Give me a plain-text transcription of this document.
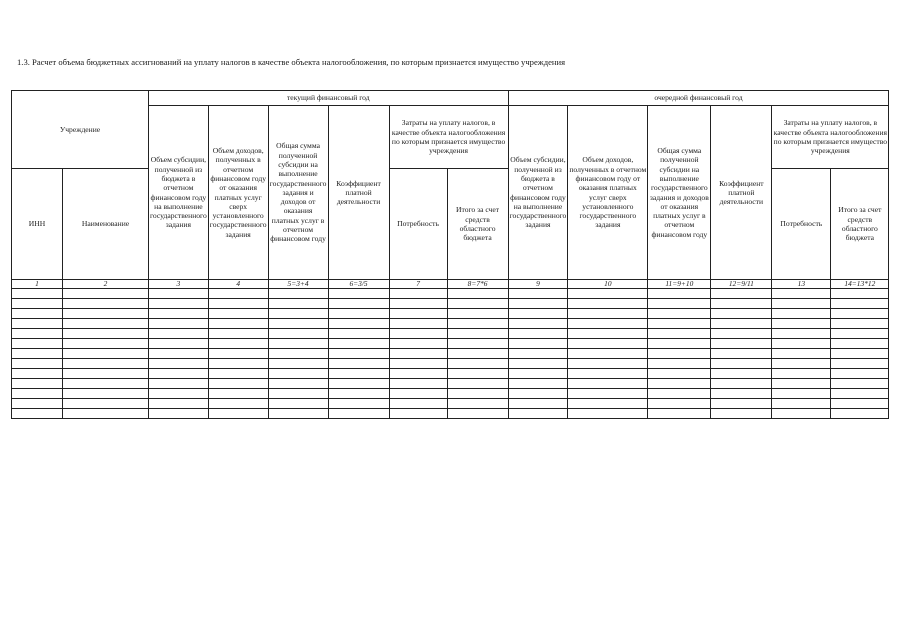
1.3. Расчет объема бюджетных ассигнований на уплату налогов в качестве объекта налогообложения, по которым признается имущество учреждения
Учреждение		текущий финансовый год						очередной финансовый год					
		Объем субсидии, полученной из бюджета в отчетном финансовом году на выполнение государственного задания	Объем доходов, полученных в отчетном финансовом году от оказания платных услуг сверх установленного государственного задания	Общая сумма полученной субсидии на выполнение государственного задания и доходов от оказания платных услуг в отчетном финансовом году	Коэффициент платной деятельности	Затраты на уплату налогов, в качестве объекта налогообложения по которым признается имущество учреждения		Объем субсидии, полученной из бюджета в отчетном финансовом году на выполнение государственного задания	Объем доходов, полученных в отчетном финансовом году от оказания платных услуг сверх установленного государственного задания	Общая сумма полученной субсидии на выполнение государственного задания и доходов от оказания платных услуг в отчетном финансовом году	Коэффициент платной деятельности	Затраты на уплату налогов, в качестве объекта налогообложения по которым признается имущество учреждения	
ИНН	Наименование					Потребность	Итого за счет средств областного бюджета					Потребность	Итого за счет средств областного бюджета
1	2	3	4	5=3+4	6=3/5	7	8=7*6	9	10	11=9+10	12=9/11	13	14=13*12
